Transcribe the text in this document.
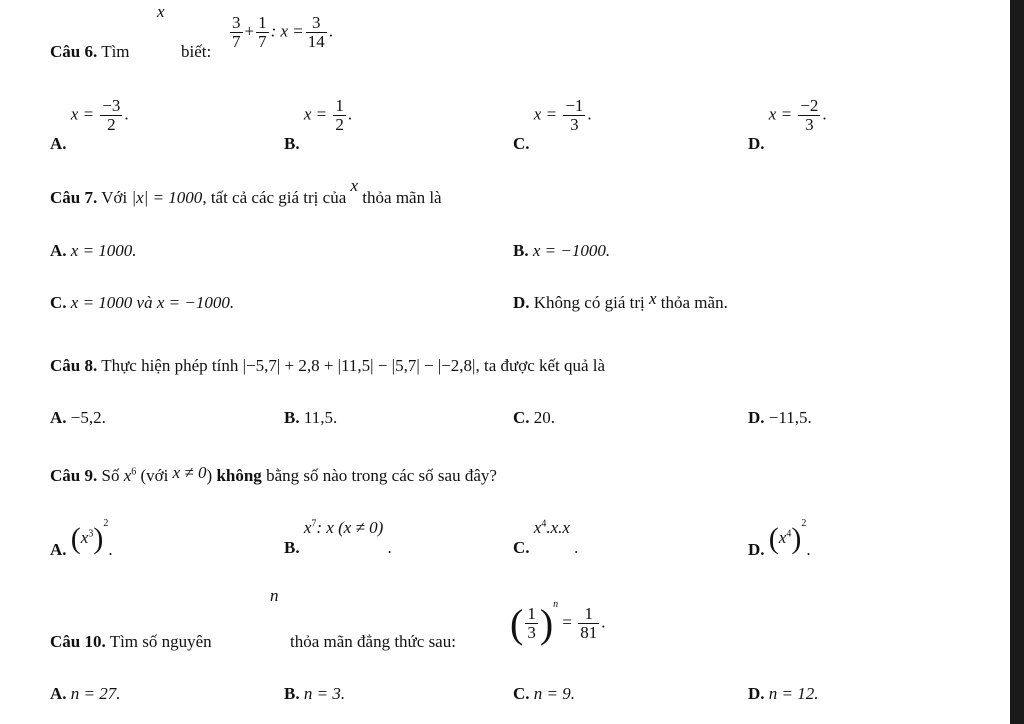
x
Câu 6. Tìm	biết:
$\frac{3}{7} + \frac{1}{7}$ : $x = \frac{3}{14}$ .
A. $x = \frac{-3}{2}$ .
B. $x = \frac{1}{2}$ .
C. $x = \frac{-1}{3}$ .
D. $x = \frac{-2}{3}$ .
Câu 7. Với |x| = 1000, tất cả các giá trị của x thỏa mãn là
A. x = 1000.	B. x = −1000.
C. x = 1000 và x = −1000.	D. Không có giá trị x thỏa mãn.
Câu 8. Thực hiện phép tính |−5,7| + 2,8 + |11,5| − |5,7| − |−2,8|, ta được kết quả là
A. −5,2.	B. 11,5.	C. 20.	D. −11,5.
Câu 9. Số $x^6$ (với x ≠ 0) không bằng số nào trong các số sau đây?
A. $(x^3)^2$.	B. $x^7$: x (x ≠ 0) .	C. $x^4.x.x$ .	D. $(x^4)^2$.
n
Câu 10. Tìm số nguyên	thỏa mãn đẳng thức sau: ( $\frac{1}{3} )^n = \frac{1}{81}$ .
A. n = 27.	B. n = 3.	C. n = 9.	D. n = 12.
